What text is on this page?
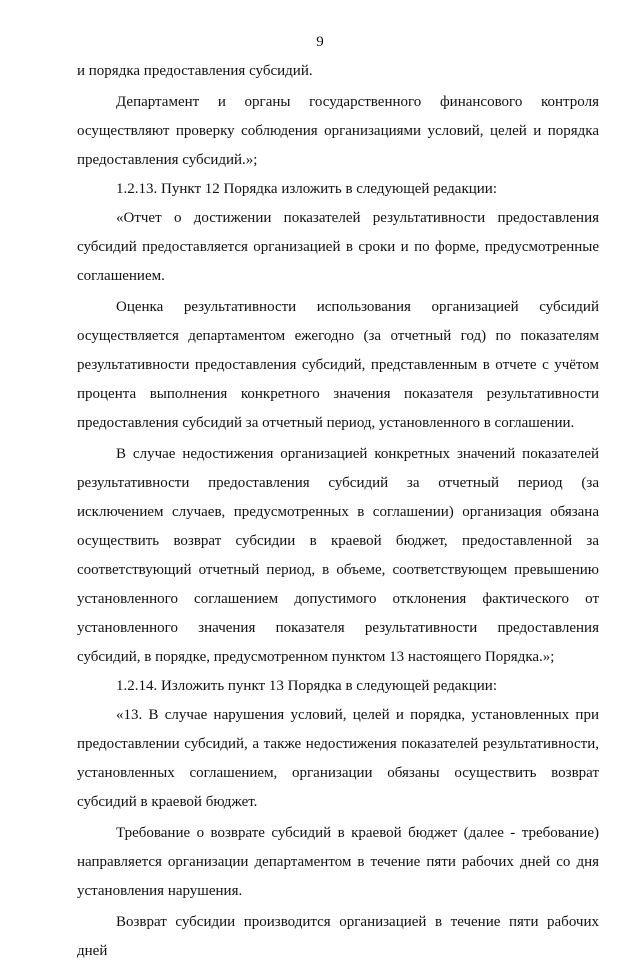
9

и порядка предоставления субсидий.

Департамент и органы государственного финансового контроля осуществляют проверку соблюдения организациями условий, целей и порядка предоставления субсидий.»;

1.2.13. Пункт 12 Порядка изложить в следующей редакции:

«Отчет о достижении показателей результативности предоставления субсидий предоставляется организацией в сроки и по форме, предусмотренные соглашением.

Оценка результативности использования организацией субсидий осуществляется департаментом ежегодно (за отчетный год) по показателям результативности предоставления субсидий, представленным в отчете с учётом процента выполнения конкретного значения показателя результативности предоставления субсидий за отчетный период, установленного в соглашении.

В случае недостижения организацией конкретных значений показателей результативности предоставления субсидий за отчетный период (за исключением случаев, предусмотренных в соглашении) организация обязана осуществить возврат субсидии в краевой бюджет, предоставленной за соответствующий отчетный период, в объеме, соответствующем превышению установленного соглашением допустимого отклонения фактического от установленного значения показателя результативности предоставления субсидий, в порядке, предусмотренном пунктом 13 настоящего Порядка.»;

1.2.14. Изложить пункт 13 Порядка в следующей редакции:

«13. В случае нарушения условий, целей и порядка, установленных при предоставлении субсидий, а также недостижения показателей результативности, установленных соглашением, организации обязаны осуществить возврат субсидий в краевой бюджет.

Требование о возврате субсидий в краевой бюджет (далее - требование) направляется организации департаментом в течение пяти рабочих дней со дня установления нарушения.

Возврат субсидии производится организацией в течение пяти рабочих дней
